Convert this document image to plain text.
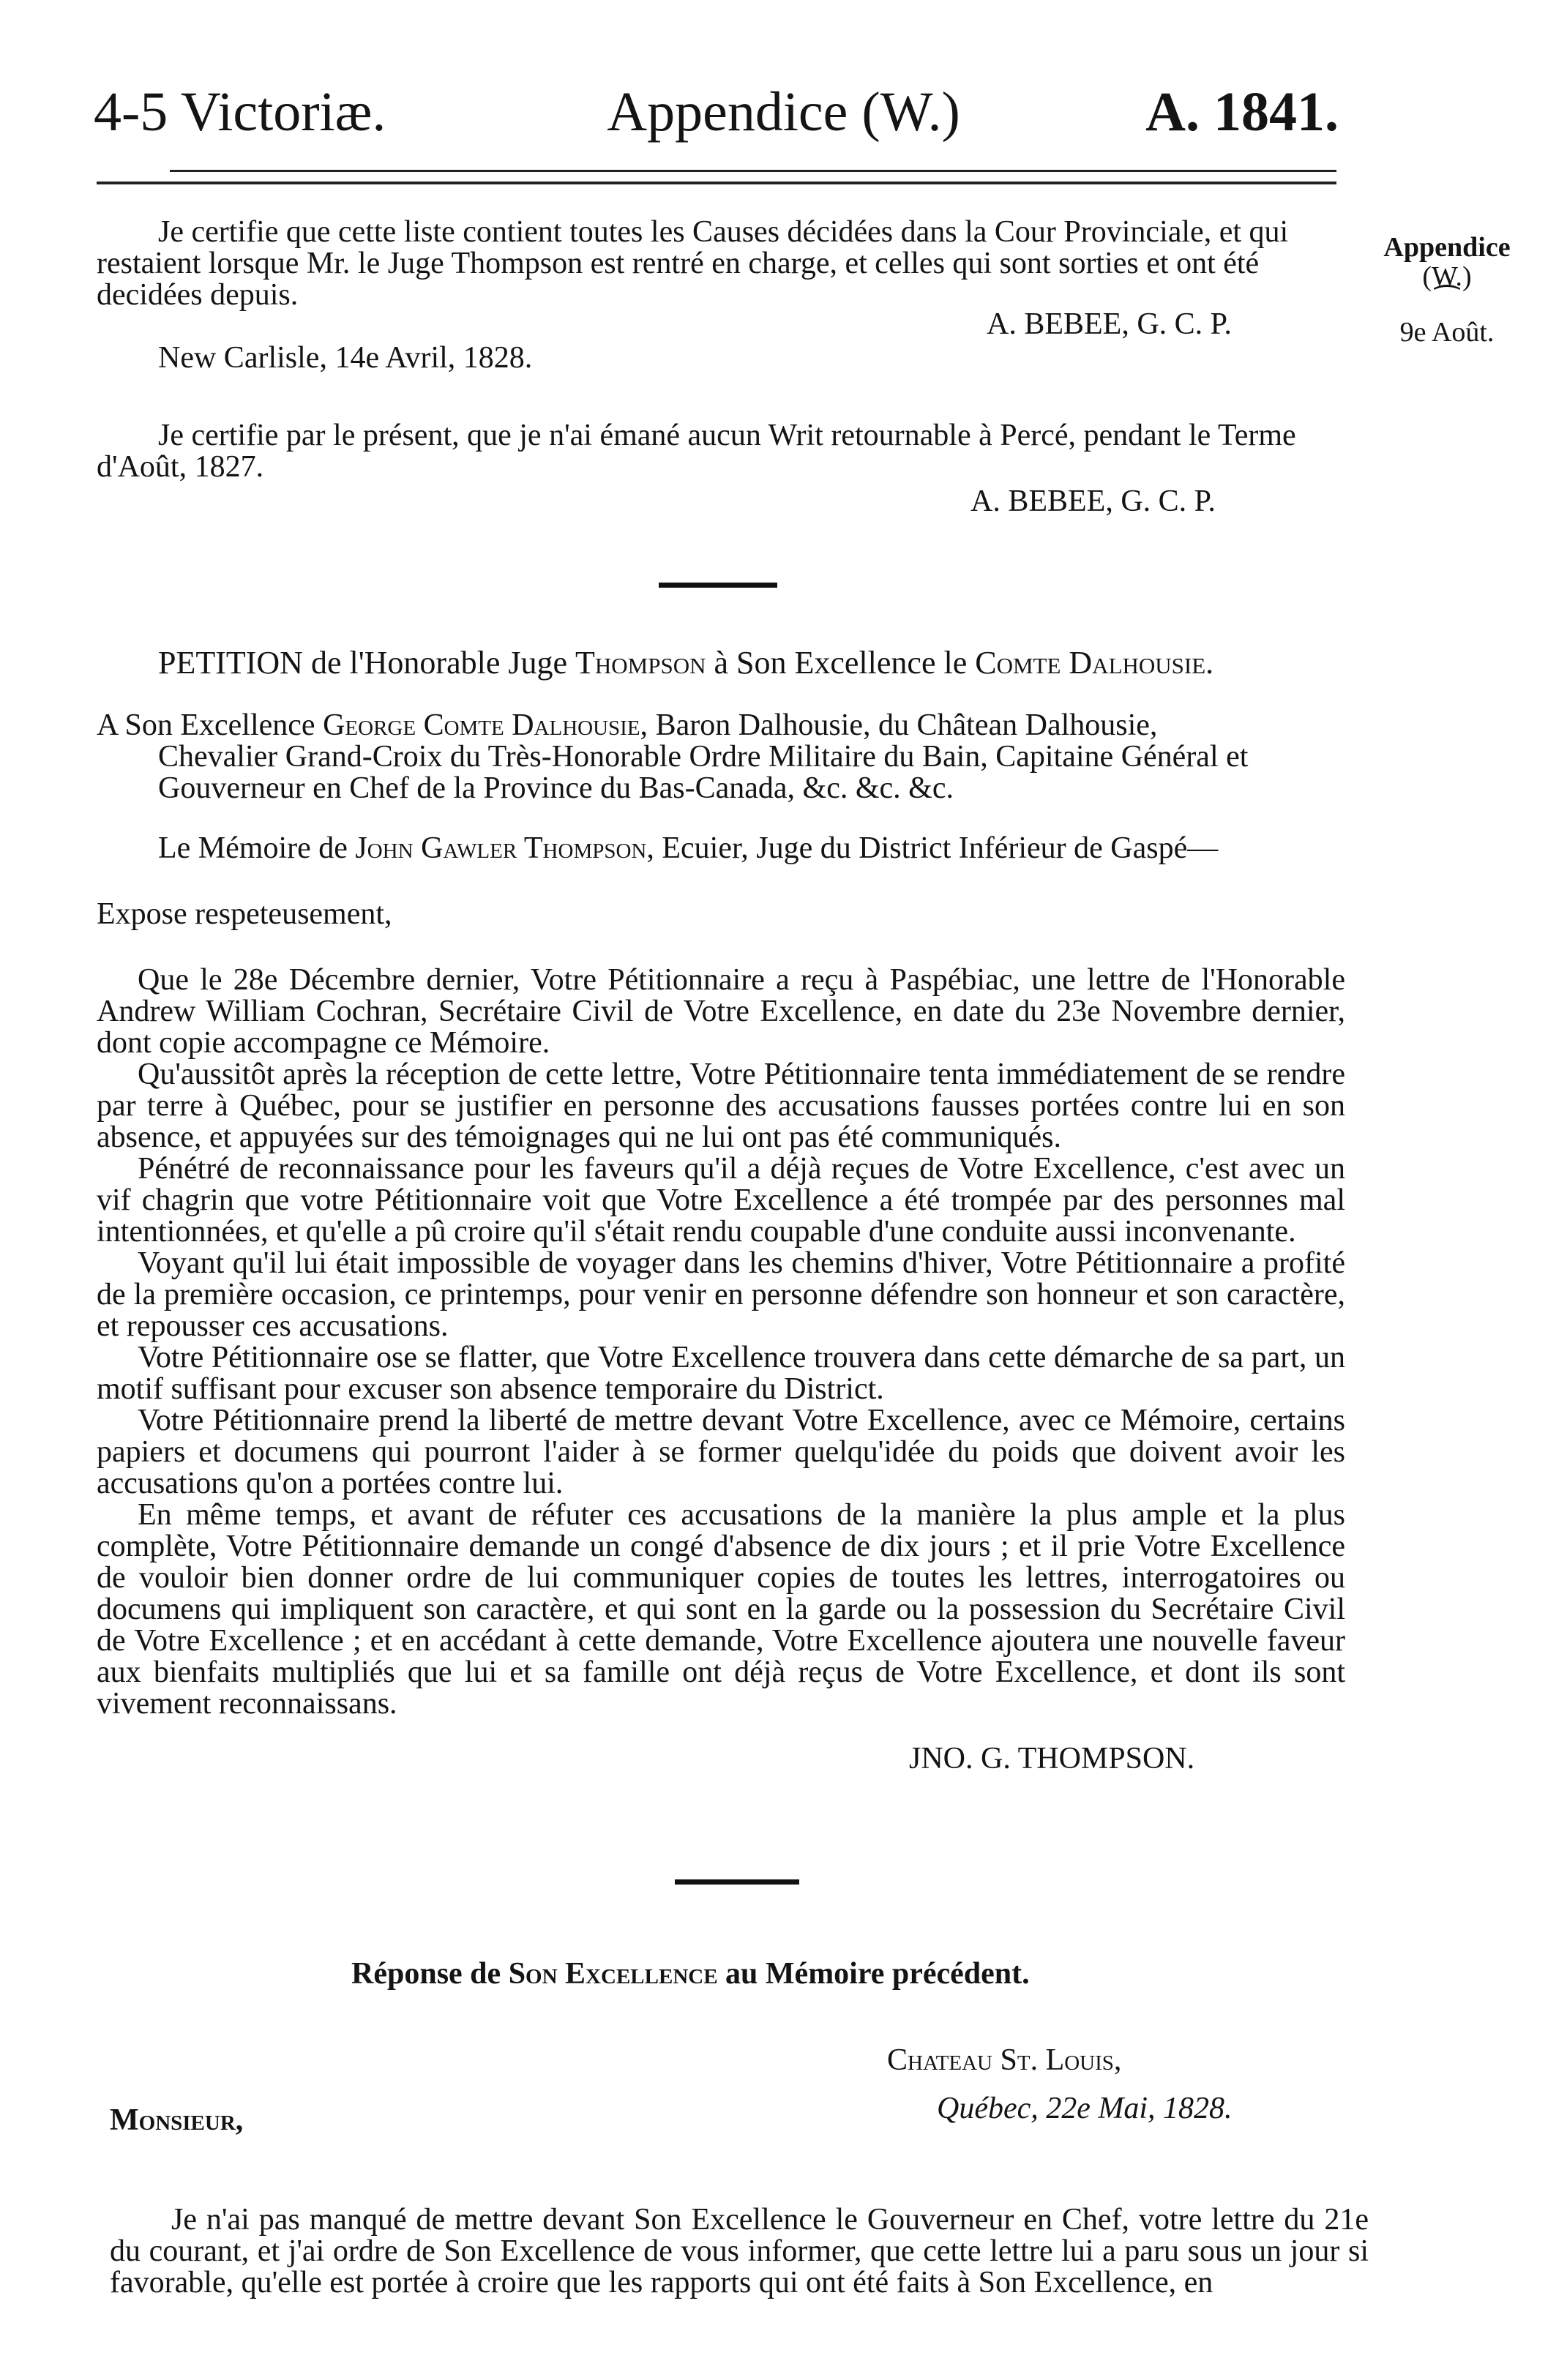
4-5 Victoriæ.	Appendice (W.)	A. 1841.
Appendice
(W.)
⁀
9e Août.
Je certifie que cette liste contient toutes les Causes décidées dans la Cour Provinciale, et qui
restaient lorsque Mr. le Juge Thompson est rentré en charge, et celles qui sont sorties et ont été
decidées depuis.
A. BEBEE, G. C. P.
New Carlisle, 14e Avril, 1828.
Je certifie par le présent, que je n'ai émané aucun Writ retournable à Percé, pendant le Terme
d'Août, 1827.
A. BEBEE, G. C. P.
PETITION de l'Honorable Juge Thompson à Son Excellence le Comte Dalhousie.
A Son Excellence George Comte Dalhousie, Baron Dalhousie, du Châtean Dalhousie,
Chevalier Grand-Croix du Très-Honorable Ordre Militaire du Bain, Capitaine Général et
Gouverneur en Chef de la Province du Bas-Canada, &c. &c. &c.
Le Mémoire de John Gawler Thompson, Ecuier, Juge du District Inférieur de Gaspé—
Expose respeteusement,
Que le 28e Décembre dernier, Votre Pétitionnaire a reçu à Paspébiac, une lettre de l'Honorable Andrew William Cochran, Secrétaire Civil de Votre Excellence, en date du 23e Novembre dernier, dont copie accompagne ce Mémoire.
Qu'aussitôt après la réception de cette lettre, Votre Pétitionnaire tenta immédiatement de se rendre par terre à Québec, pour se justifier en personne des accusations fausses portées contre lui en son absence, et appuyées sur des témoignages qui ne lui ont pas été communiqués.
Pénétré de reconnaissance pour les faveurs qu'il a déjà reçues de Votre Excellence, c'est avec un vif chagrin que votre Pétitionnaire voit que Votre Excellence a été trompée par des personnes mal intentionnées, et qu'elle a pû croire qu'il s'était rendu coupable d'une conduite aussi inconvenante.
Voyant qu'il lui était impossible de voyager dans les chemins d'hiver, Votre Pétitionnaire a profité de la première occasion, ce printemps, pour venir en personne défendre son honneur et son caractère, et repousser ces accusations.
Votre Pétitionnaire ose se flatter, que Votre Excellence trouvera dans cette démarche de sa part, un motif suffisant pour excuser son absence temporaire du District.
Votre Pétitionnaire prend la liberté de mettre devant Votre Excellence, avec ce Mémoire, certains papiers et documens qui pourront l'aider à se former quelqu'idée du poids que doivent avoir les accusations qu'on a portées contre lui.
En même temps, et avant de réfuter ces accusations de la manière la plus ample et la plus complète, Votre Pétitionnaire demande un congé d'absence de dix jours ; et il prie Votre Excellence de vouloir bien donner ordre de lui communiquer copies de toutes les lettres, interrogatoires ou documens qui impliquent son caractère, et qui sont en la garde ou la possession du Secrétaire Civil de Votre Excellence ; et en accédant à cette demande, Votre Excellence ajoutera une nouvelle faveur aux bienfaits multipliés que lui et sa famille ont déjà reçus de Votre Excellence, et dont ils sont vivement reconnaissans.
JNO. G. THOMPSON.
Réponse de Son Excellence au Mémoire précédent.
Chateau St. Louis,
Québec, 22e Mai, 1828.
Monsieur,
Je n'ai pas manqué de mettre devant Son Excellence le Gouverneur en Chef, votre lettre du 21e du courant, et j'ai ordre de Son Excellence de vous informer, que cette lettre lui a paru sous un jour si favorable, qu'elle est portée à croire que les rapports qui ont été faits à Son Excellence, en
